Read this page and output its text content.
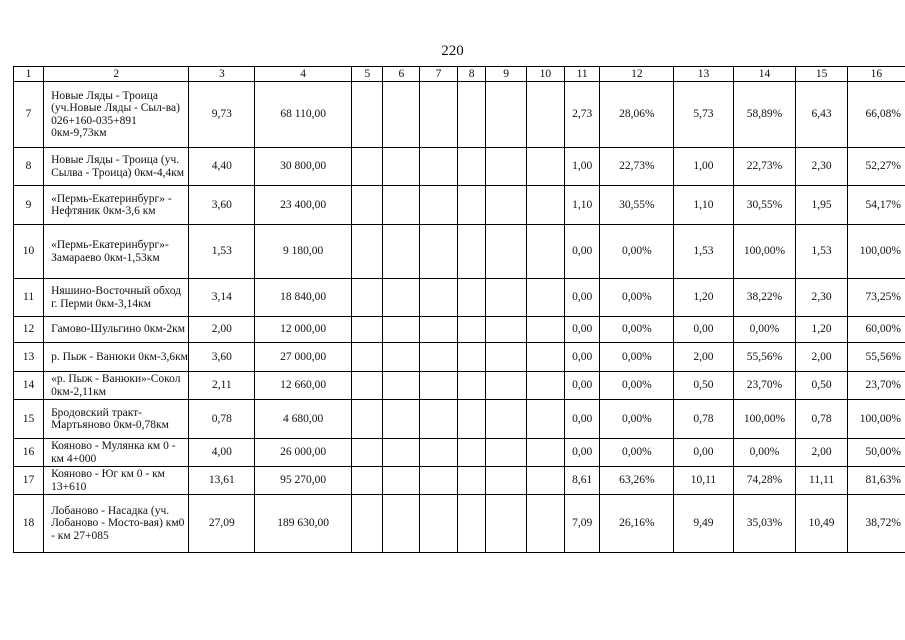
220
1	2	3	4	5	6	7	8	9	10	11	12	13	14	15	16
7	Новые Ляды - Троица (уч.Новые Ляды - Сыл-ва) 026+160-035+891 0км-9,73км	9,73	68 110,00							2,73	28,06%	5,73	58,89%	6,43	66,08%
8	Новые Ляды - Троица (уч. Сылва - Троица) 0км-4,4км	4,40	30 800,00							1,00	22,73%	1,00	22,73%	2,30	52,27%
9	«Пермь-Екатеринбург» - Нефтяник 0км-3,6 км	3,60	23 400,00							1,10	30,55%	1,10	30,55%	1,95	54,17%
10	«Пермь-Екатеринбург»- Замараево 0км-1,53км	1,53	9 180,00							0,00	0,00%	1,53	100,00%	1,53	100,00%
11	Няшино-Восточный обход г. Перми 0км-3,14км	3,14	18 840,00							0,00	0,00%	1,20	38,22%	2,30	73,25%
12	Гамово-Шульгино 0км-2км	2,00	12 000,00							0,00	0,00%	0,00	0,00%	1,20	60,00%
13	р. Пыж - Ванюки 0км-3,6км	3,60	27 000,00							0,00	0,00%	2,00	55,56%	2,00	55,56%
14	«р. Пыж - Ванюки»-Сокол 0км-2,11км	2,11	12 660,00							0,00	0,00%	0,50	23,70%	0,50	23,70%
15	Бродовский тракт-Мартьяново 0км-0,78км	0,78	4 680,00							0,00	0,00%	0,78	100,00%	0,78	100,00%
16	Кояново - Мулянка км 0 - км 4+000	4,00	26 000,00							0,00	0,00%	0,00	0,00%	2,00	50,00%
17	Кояново - Юг км 0 - км 13+610	13,61	95 270,00							8,61	63,26%	10,11	74,28%	11,11	81,63%
18	Лобаново - Насадка (уч. Лобаново - Мосто-вая) км0 - км 27+085	27,09	189 630,00							7,09	26,16%	9,49	35,03%	10,49	38,72%
